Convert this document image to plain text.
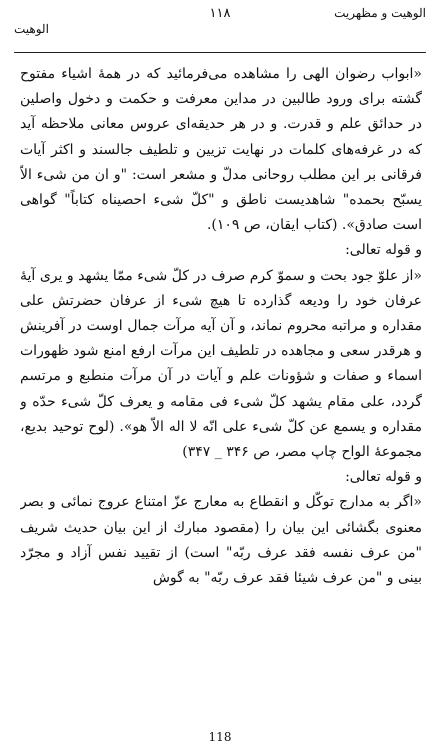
الوهيت و مظهريت
۱۱۸
الوهيت

«ابواب رضوان الهى را مشاهده مى‌فرمائيد كه در همهٔ اشياء مفتوح گشته براى ورود طالبين در مداين معرفت و حكمت و دخول واصلين در حدائق علم و قدرت. و در هر حديقه‌اى عروس معانى ملاحظه آيد كه در غرفه‌هاى كلمات در نهايت تزيين و تلطيف جالسند و اكثر آيات فرقانى بر اين مطلب روحانى مدلّ و مشعر است: "و ان من شىء الاّ يسبّح بحمده" شاهديست ناطق و "كلّ شىء احصيناه كتاباً" گواهى است صادق». (كتاب ايقان، ص ۱۰۹).

و قوله تعالى:

«از علوّ جود بحت و سموّ كرم صرف در كلّ شىء ممّا يشهد و يرى آيهٔ عرفان خود را وديعه گذارده تا هيچ شىء از عرفان حضرتش على مقداره و مراتبه محروم نماند، و آن آيه مرآت جمال اوست در آفرينش و هرقدر سعى و مجاهده در تلطيف اين مرآت ارفع امنع شود ظهورات اسماء و صفات و شؤونات علم و آيات در آن مرآت منطبع و مرتسم گردد، على مقام يشهد كلّ شىء فى مقامه و يعرف كلّ شىء حدّه و مقداره و يسمع عن كلّ شىء على انّه لا اله الاّ هو». (لوح توحيد بديع، مجموعهٔ الواح چاپ مصر، ص ۳۴۶ _ ۳۴۷)

و قوله تعالى:

«اگر به مدارج توكّل و انقطاع به معارج عزّ امتناع عروج نمائى و بصر معنوى بگشائى اين بيان را (مقصود مبارك از اين بيان حديث شريف "من عرف نفسه فقد عرف ربّه" است) از تقييد نفس آزاد و مجرّد بينى و "من عرف شيئا فقد عرف ربّه" به گوش

118
